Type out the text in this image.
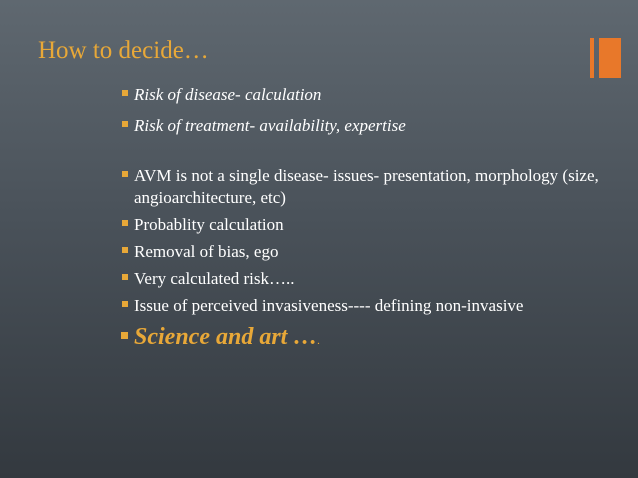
How to decide…
Risk of disease- calculation
Risk of treatment- availability, expertise
AVM is not a single disease- issues- presentation, morphology (size, angioarchitecture, etc)
Probablity calculation
Removal of bias, ego
Very calculated risk…..
Issue of perceived invasiveness---- defining non-invasive
Science and art ….
